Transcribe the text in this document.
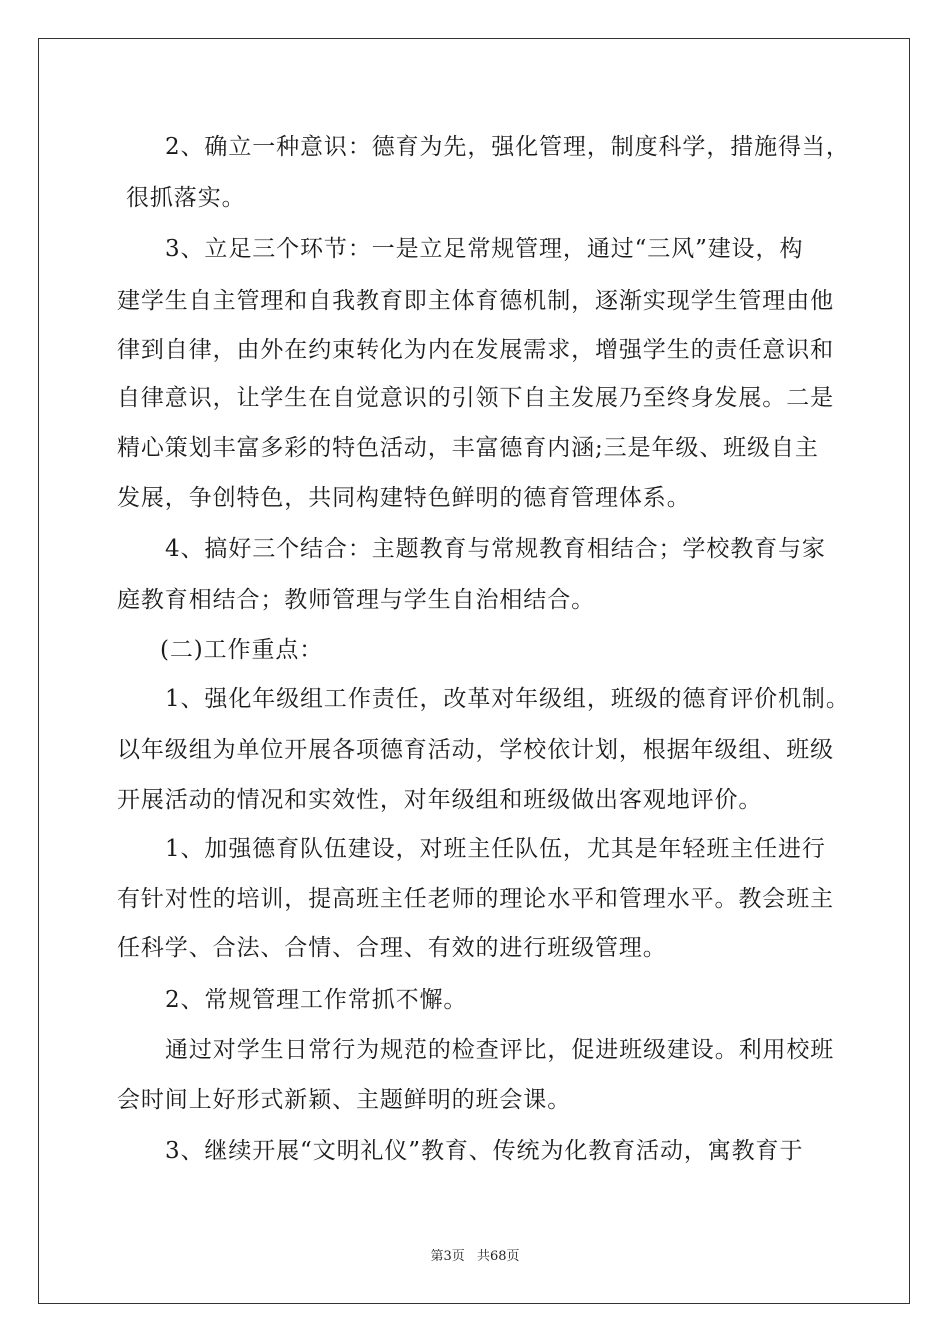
2、确立一种意识：德育为先，强化管理，制度科学，措施得当，
很抓落实。
3、立足三个环节：一是立足常规管理，通过“三风”建设，构
建学生自主管理和自我教育即主体育德机制，逐渐实现学生管理由他
律到自律，由外在约束转化为内在发展需求，增强学生的责任意识和
自律意识，让学生在自觉意识的引领下自主发展乃至终身发展。二是
精心策划丰富多彩的特色活动，丰富德育内涵;三是年级、班级自主
发展，争创特色，共同构建特色鲜明的德育管理体系。
4、搞好三个结合：主题教育与常规教育相结合；学校教育与家
庭教育相结合；教师管理与学生自治相结合。
(二)工作重点：
1、强化年级组工作责任，改革对年级组，班级的德育评价机制。
以年级组为单位开展各项德育活动，学校依计划，根据年级组、班级
开展活动的情况和实效性，对年级组和班级做出客观地评价。
1、加强德育队伍建设，对班主任队伍，尤其是年轻班主任进行
有针对性的培训，提高班主任老师的理论水平和管理水平。教会班主
任科学、合法、合情、合理、有效的进行班级管理。
2、常规管理工作常抓不懈。
通过对学生日常行为规范的检查评比，促进班级建设。利用校班
会时间上好形式新颖、主题鲜明的班会课。
3、继续开展“文明礼仪”教育、传统为化教育活动，寓教育于
第3页 共68页
